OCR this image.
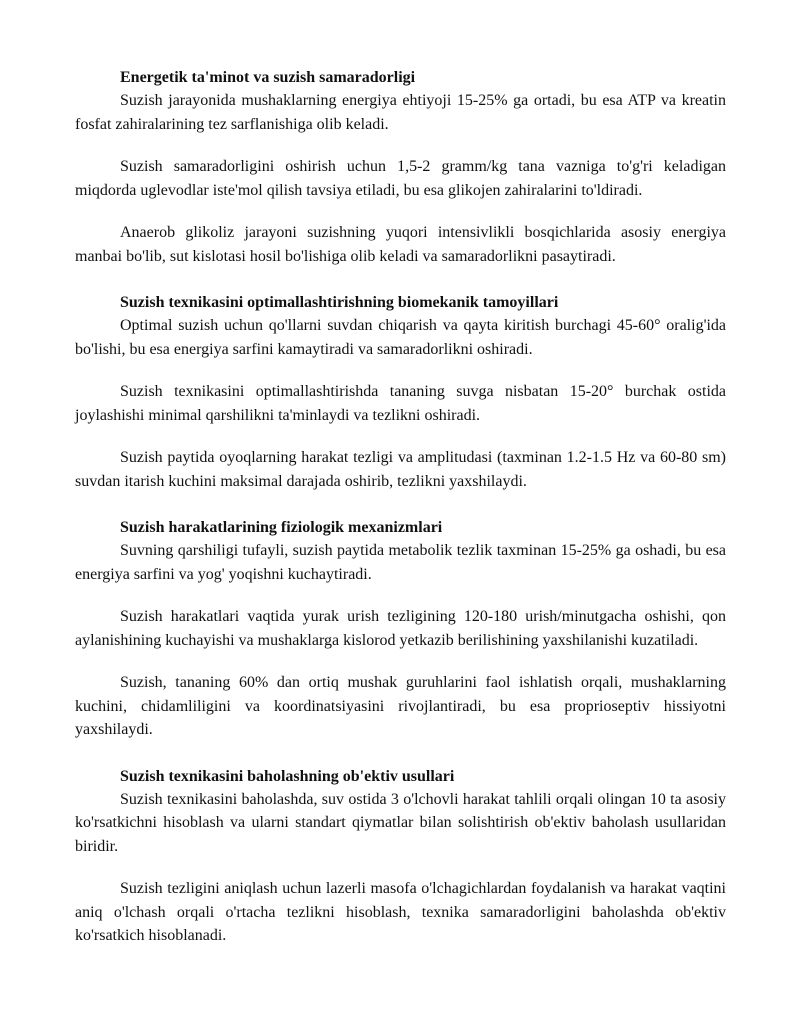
Energetik ta'minot va suzish samaradorligi

Suzish jarayonida mushaklarning energiya ehtiyoji 15-25% ga ortadi, bu esa ATP va kreatin fosfat zahiralarining tez sarflanishiga olib keladi.

Suzish samaradorligini oshirish uchun 1,5-2 gramm/kg tana vazniga to'g'ri keladigan miqdorda uglevodlar iste'mol qilish tavsiya etiladi, bu esa glikojen zahiralarini to'ldiradi.

Anaerob glikoliz jarayoni suzishning yuqori intensivlikli bosqichlarida asosiy energiya manbai bo'lib, sut kislotasi hosil bo'lishiga olib keladi va samaradorlikni pasaytiradi.

Suzish texnikasini optimallashtirishning biomekanik tamoyillari

Optimal suzish uchun qo'llarni suvdan chiqarish va qayta kiritish burchagi 45-60° oralig'ida bo'lishi, bu esa energiya sarfini kamaytiradi va samaradorlikni oshiradi.

Suzish texnikasini optimallashtirishda tananing suvga nisbatan 15-20° burchak ostida joylashishi minimal qarshilikni ta'minlaydi va tezlikni oshiradi.

Suzish paytida oyoqlarning harakat tezligi va amplitudasi (taxminan 1.2-1.5 Hz va 60-80 sm) suvdan itarish kuchini maksimal darajada oshirib, tezlikni yaxshilaydi.

Suzish harakatlarining fiziologik mexanizmlari

Suvning qarshiligi tufayli, suzish paytida metabolik tezlik taxminan 15-25% ga oshadi, bu esa energiya sarfini va yog' yoqishni kuchaytiradi.

Suzish harakatlari vaqtida yurak urish tezligining 120-180 urish/minutgacha oshishi, qon aylanishining kuchayishi va mushaklarga kislorod yetkazib berilishining yaxshilanishi kuzatiladi.

Suzish, tananing 60% dan ortiq mushak guruhlarini faol ishlatish orqali, mushaklarning kuchini, chidamliligini va koordinatsiyasini rivojlantiradi, bu esa proprioseptiv hissiyotni yaxshilaydi.

Suzish texnikasini baholashning ob'ektiv usullari

Suzish texnikasini baholashda, suv ostida 3 o'lchovli harakat tahlili orqali olingan 10 ta asosiy ko'rsatkichni hisoblash va ularni standart qiymatlar bilan solishtirish ob'ektiv baholash usullaridan biridir.

Suzish tezligini aniqlash uchun lazerli masofa o'lchagichlardan foydalanish va harakat vaqtini aniq o'lchash orqali o'rtacha tezlikni hisoblash, texnika samaradorligini baholashda ob'ektiv ko'rsatkich hisoblanadi.
